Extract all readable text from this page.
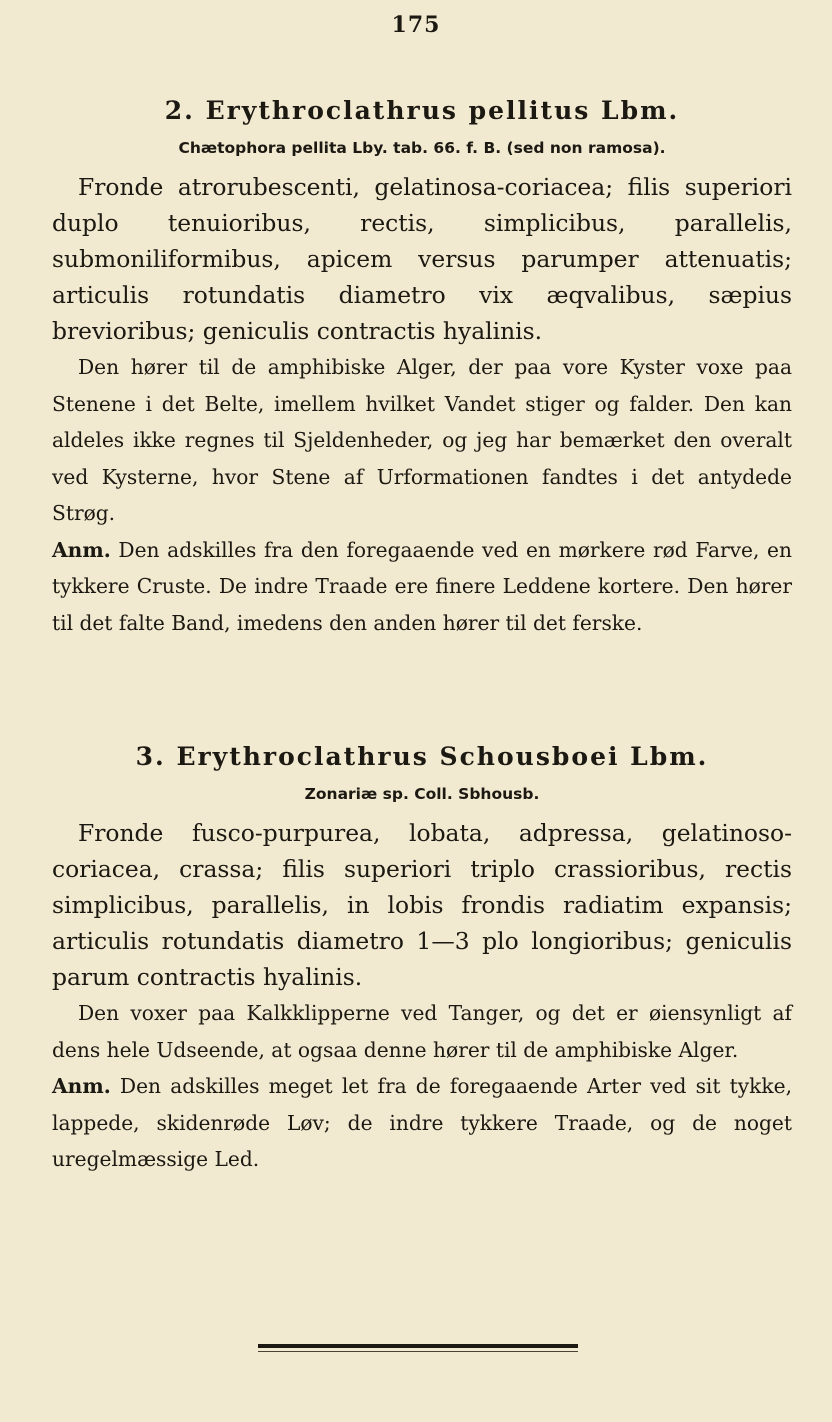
175
2. Erythroclathrus pellitus Lbm.
Chætophora pellita Lby. tab. 66. f. B. (sed non ramosa).

Fronde atrorubescenti, gelatinosa-coriacea; filis superiori duplo tenuioribus, rectis, simplicibus, parallelis, submoniliformibus, apicem versus parumper attenuatis; articulis rotundatis diametro vix æqvalibus, sæpius brevioribus; geniculis contractis hyalinis.

Den hører til de amphibiske Alger, der paa vore Kyster voxe paa Stenene i det Belte, imellem hvilket Vandet stiger og falder. Den kan aldeles ikke regnes til Sjeldenheder, og jeg har bemærket den overalt ved Kysterne, hvor Stene af Urformationen fandtes i det antydede Strøg.

Anm. Den adskilles fra den foregaaende ved en mørkere rød Farve, en tykkere Cruste. De indre Traade ere finere Leddene kortere. Den hører til det falte Band, imedens den anden hører til det ferske.

3. Erythroclathrus Schousboei Lbm.
Zonariæ sp. Coll. Sbhousb.

Fronde fusco-purpurea, lobata, adpressa, gelatinoso-coriacea, crassa; filis superiori triplo crassioribus, rectis simplicibus, parallelis, in lobis frondis radiatim expansis; articulis rotundatis diametro 1—3 plo longioribus; geniculis parum contractis hyalinis.

Den voxer paa Kalkklipperne ved Tanger, og det er øiensynligt af dens hele Udseende, at ogsaa denne hører til de amphibiske Alger.

Anm. Den adskilles meget let fra de foregaaende Arter ved sit tykke, lappede, skidenrøde Løv; de indre tykkere Traade, og de noget uregelmæssige Led.
